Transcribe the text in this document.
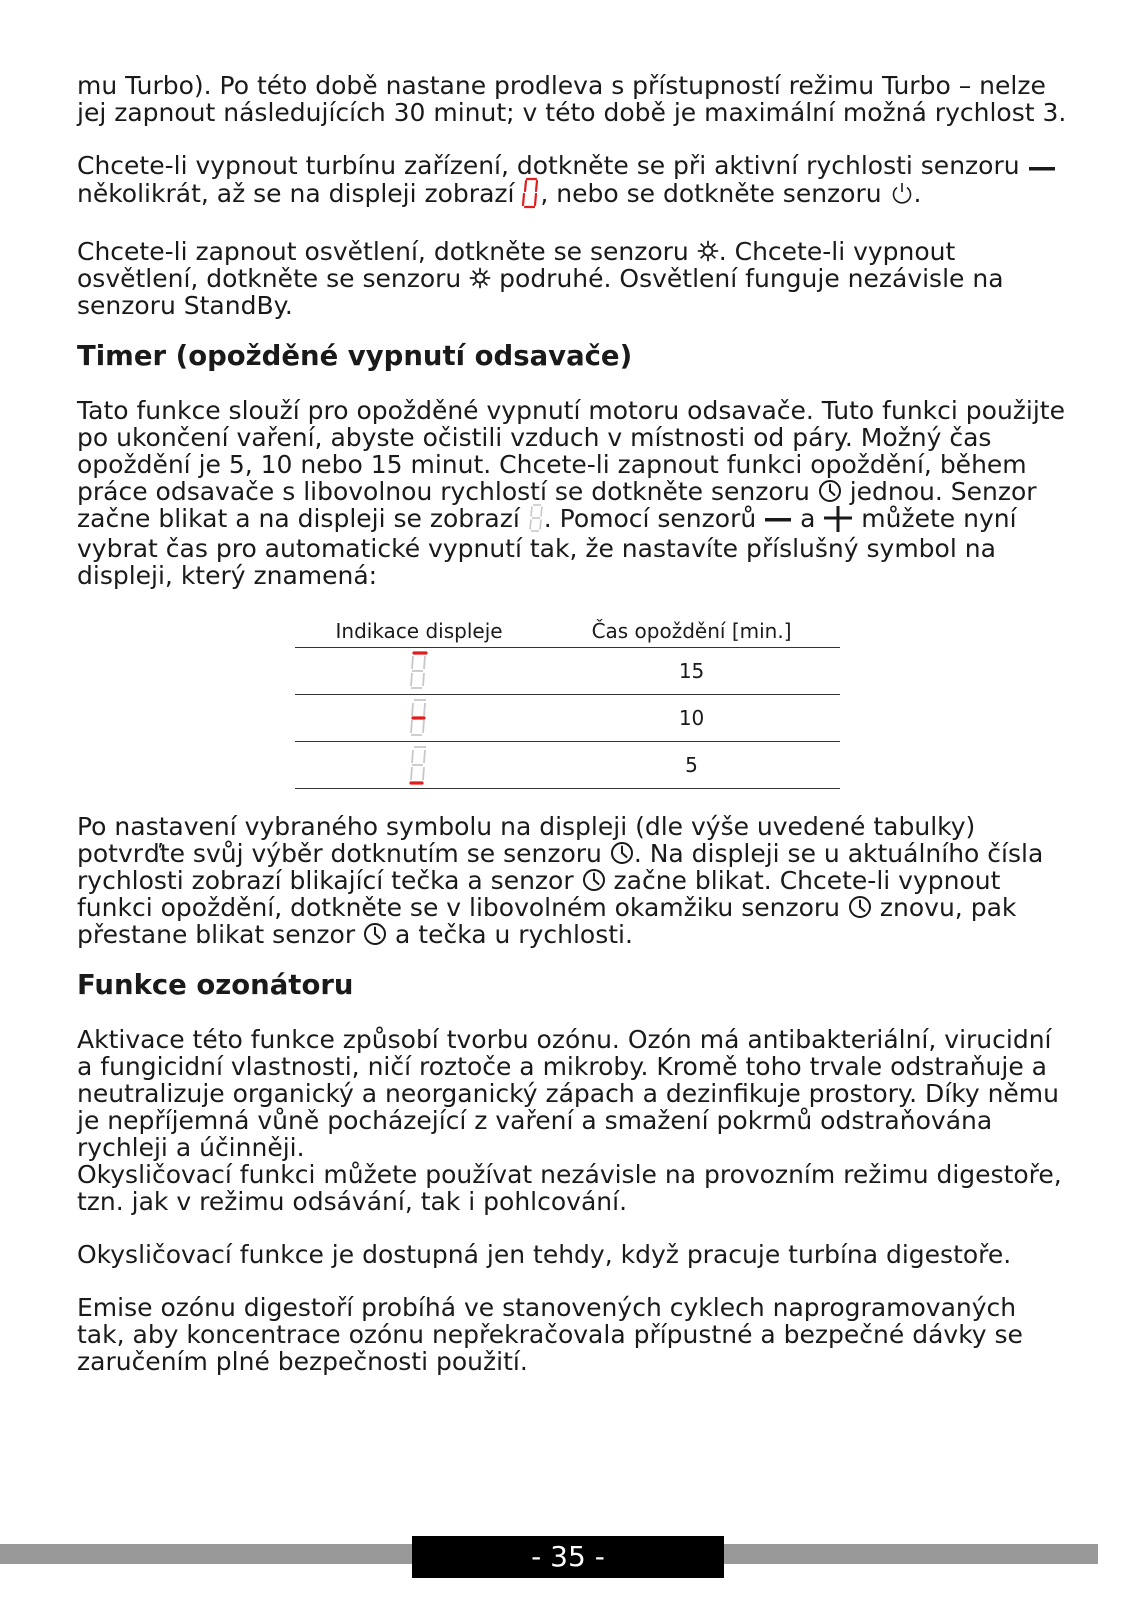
mu Turbo). Po této době nastane prodleva s přístupností režimu Turbo – nelze jej zapnout následujících 30 minut; v této době je maximální možná rychlost 3.

Chcete-li vypnout turbínu zařízení, dotkněte se při aktivní rychlosti senzoru
několikrát, až se na displeji zobrazí
, nebo se dotkněte senzoru
.

Chcete-li zapnout osvětlení, dotkněte se senzoru
. Chcete-li vypnout osvětlení, dotkněte se senzoru
podruhé. Osvětlení funguje nezávisle na senzoru StandBy.

Timer (opožděné vypnutí odsavače)

Tato funkce slouží pro opožděné vypnutí motoru odsavače. Tuto funkci použijte po ukončení vaření, abyste očistili vzduch v místnosti od páry. Možný čas opoždění je 5, 10 nebo 15 minut. Chcete-li zapnout funkci opoždění, během práce odsavače s libovolnou rychlostí se dotkněte senzoru
jednou. Senzor začne blikat a na displeji se zobrazí
. Pomocí senzorů
a
můžete nyní vybrat čas pro automatické vypnutí tak, že nastavíte příslušný symbol na displeji, který znamená:

Indikace displeje	Čas opoždění [min.]
	15
	10
	5

Po nastavení vybraného symbolu na displeji (dle výše uvedené tabulky) potvrďte svůj výběr dotknutím se senzoru
. Na displeji se u aktuálního čísla rychlosti zobrazí blikající tečka a senzor
začne blikat. Chcete-li vypnout funkci opoždění, dotkněte se v libovolném okamžiku senzoru
znovu, pak přestane blikat senzor
a tečka u rychlosti.

Funkce ozonátoru

Aktivace této funkce způsobí tvorbu ozónu. Ozón má antibakteriální, virucidní a fungicidní vlastnosti, ničí roztoče a mikroby. Kromě toho trvale odstraňuje a neutralizuje organický a neorganický zápach a dezinfikuje prostory. Díky němu je nepříjemná vůně pocházející z vaření a smažení pokrmů odstraňována rychleji a účinněji.

Okysličovací funkci můžete používat nezávisle na provozním režimu digestoře, tzn. jak v režimu odsávání, tak i pohlcování.

Okysličovací funkce je dostupná jen tehdy, když pracuje turbína digestoře.

Emise ozónu digestoří probíhá ve stanovených cyklech naprogramovaných tak, aby koncentrace ozónu nepřekračovala přípustné a bezpečné dávky se zaručením plné bezpečnosti použití.

- 35 -
